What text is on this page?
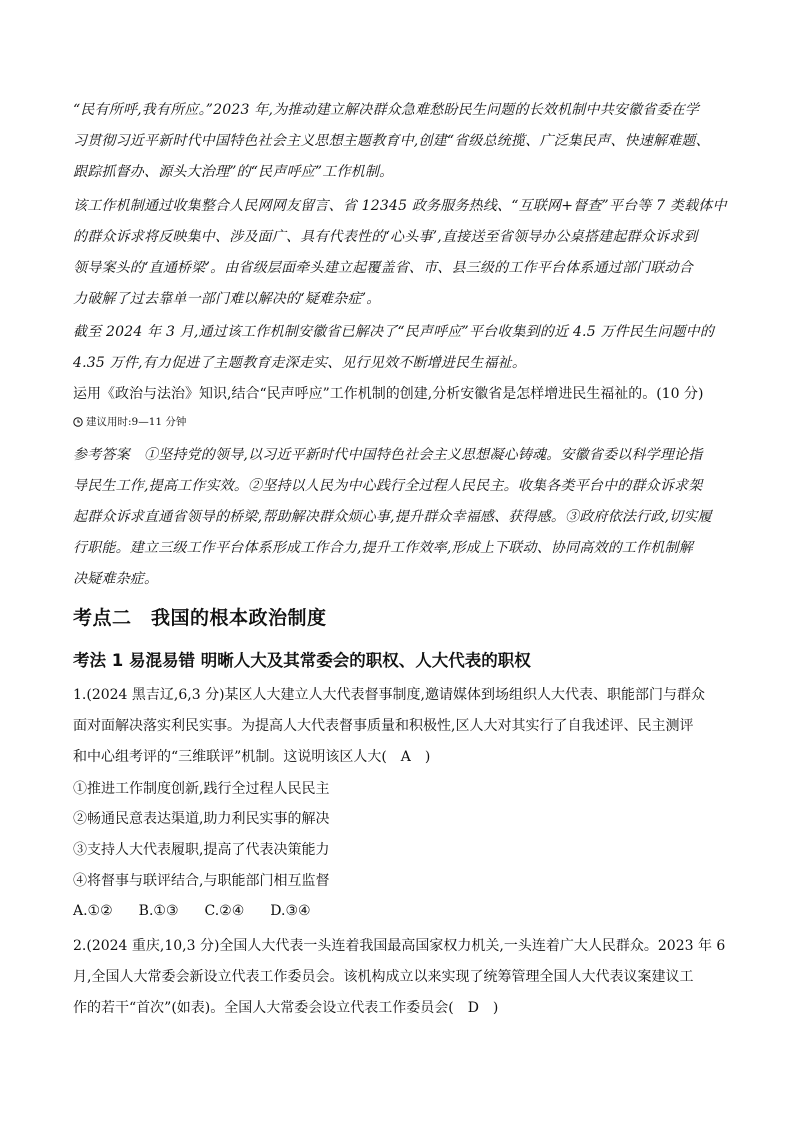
“民有所呼,我有所应。”2023 年,为推动建立解决群众急难愁盼民生问题的长效机制中共安徽省委在学
习贯彻习近平新时代中国特色社会主义思想主题教育中,创建“省级总统揽、广泛集民声、快速解难题、
跟踪抓督办、源头大治理”的“民声呼应”工作机制。
该工作机制通过收集整合人民网网友留言、省 12345 政务服务热线、“互联网+督查”平台等 7 类载体中
的群众诉求将反映集中、涉及面广、具有代表性的‘心头事’,直接送至省领导办公桌搭建起群众诉求到
领导案头的‘直通桥梁’。由省级层面牵头建立起覆盖省、市、县三级的工作平台体系通过部门联动合
力破解了过去靠单一部门难以解决的‘疑难杂症’。
截至 2024 年 3 月,通过该工作机制安徽省已解决了“民声呼应”平台收集到的近 4.5 万件民生问题中的
4.35 万件,有力促进了主题教育走深走实、见行见效不断增进民生福祉。
运用《政治与法治》知识,结合“民声呼应”工作机制的创建,分析安徽省是怎样增进民生福祉的。(10 分)
建议用时:9—11 分钟
参考答案　①坚持党的领导,以习近平新时代中国特色社会主义思想凝心铸魂。安徽省委以科学理论指
导民生工作,提高工作实效。②坚持以人民为中心践行全过程人民民主。收集各类平台中的群众诉求架
起群众诉求直通省领导的桥梁,帮助解决群众烦心事,提升群众幸福感、获得感。③政府依法行政,切实履
行职能。建立三级工作平台体系形成工作合力,提升工作效率,形成上下联动、协同高效的工作机制解
决疑难杂症。
考点二　我国的根本政治制度
考法 1 易混易错 明晰人大及其常委会的职权、人大代表的职权
1.(2024 黑吉辽,6,3 分)某区人大建立人大代表督事制度,邀请媒体到场组织人大代表、职能部门与群众
面对面解决落实利民实事。为提高人大代表督事质量和积极性,区人大对其实行了自我述评、民主测评
和中心组考评的“三维联评”机制。这说明该区人大(　A　)
①推进工作制度创新,践行全过程人民民主
②畅通民意表达渠道,助力利民实事的解决
③支持人大代表履职,提高了代表决策能力
④将督事与联评结合,与职能部门相互监督
A.①② B.①③ C.②④ D.③④
2.(2024 重庆,10,3 分)全国人大代表一头连着我国最高国家权力机关,一头连着广大人民群众。2023 年 6
月,全国人大常委会新设立代表工作委员会。该机构成立以来实现了统筹管理全国人大代表议案建议工
作的若干“首次”(如表)。全国人大常委会设立代表工作委员会(　D　)
